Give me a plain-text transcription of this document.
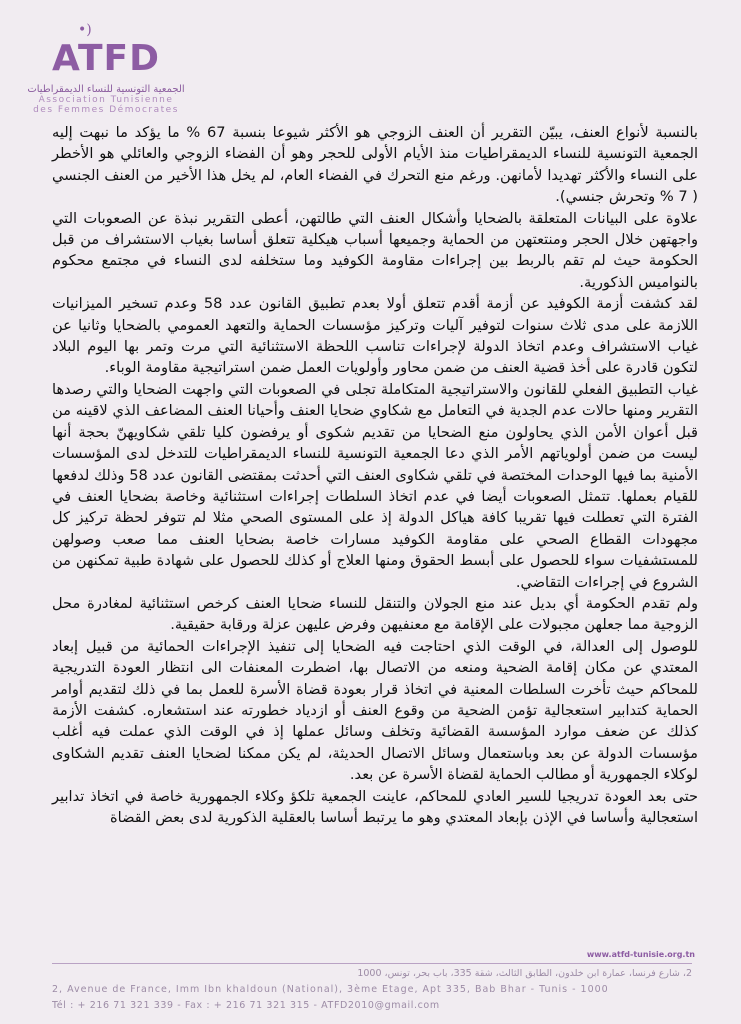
•)
ATFD
الجمعية التونسية للنساء الديمقراطيات
Association Tunisienne
des Femmes Démocrates

بالنسبة لأنواع العنف، يبيّن التقرير أن العنف الزوجي هو الأكثر شيوعا بنسبة 67 % ما يؤكد ما نبهت إليه الجمعية التونسية للنساء الديمقراطيات منذ الأيام الأولى للحجر وهو أن الفضاء الزوجي والعائلي هو الأخطر على النساء والأكثر تهديدا لأمانهن. ورغم منع التحرك في الفضاء العام، لم يخل هذا الأخير من العنف الجنسي ( 7 % وتحرش جنسي).

علاوة على البيانات المتعلقة بالضحايا وأشكال العنف التي طالتهن، أعطى التقرير نبذة عن الصعوبات التي واجهتهن خلال الحجر ومنتعتهن من الحماية وجميعها أسباب هيكلية تتعلق أساسا بغياب الاستشراف من قبل الحكومة حيث لم تقم بالربط بين إجراءات مقاومة الكوفيد وما ستخلفه لدى النساء في مجتمع محكوم بالنواميس الذكورية.

لقد كشفت أزمة الكوفيد عن أزمة أقدم تتعلق أولا بعدم تطبيق القانون عدد 58 وعدم تسخير الميزانيات اللازمة على مدى ثلاث سنوات لتوفير آليات وتركيز مؤسسات الحماية والتعهد العمومي بالضحايا وثانيا عن غياب الاستشراف وعدم اتخاذ الدولة لإجراءات تناسب اللحظة الاستثنائية التي مرت وتمر بها اليوم البلاد لتكون قادرة على أخذ قضية العنف من ضمن محاور وأولويات العمل ضمن استراتيجية مقاومة الوباء.

غياب التطبيق الفعلي للقانون والاستراتيجية المتكاملة تجلى في الصعوبات التي واجهت الضحايا والتي رصدها التقرير ومنها حالات عدم الجدية في التعامل مع شكاوي ضحايا العنف وأحيانا العنف المضاعف الذي لاقينه من قبل أعوان الأمن الذي يحاولون منع الضحايا من تقديم شكوى أو يرفضون كليا تلقي شكاويهنّ بحجة أنها ليست من ضمن أولوياتهم الأمر الذي دعا الجمعية التونسية للنساء الديمقراطيات للتدخل لدى المؤسسات الأمنية بما فيها الوحدات المختصة في تلقي شكاوى العنف التي أحدثت بمقتضى القانون عدد 58 وذلك لدفعها للقيام بعملها. تتمثل الصعوبات أيضا في عدم اتخاذ السلطات إجراءات استثنائية وخاصة بضحايا العنف في الفترة التي تعطلت فيها تقريبا كافة هياكل الدولة إذ على المستوى الصحي مثلا لم تتوفر لحظة تركيز كل مجهودات القطاع الصحي على مقاومة الكوفيد مسارات خاصة بضحايا العنف مما صعب وصولهن للمستشفيات سواء للحصول على أبسط الحقوق ومنها العلاج أو كذلك للحصول على شهادة طبية تمكنهن من الشروع في إجراءات التقاضي.

ولم تقدم الحكومة أي بديل عند منع الجولان والتنقل للنساء ضحايا العنف كرخص استثنائية لمغادرة محل الزوجية مما جعلهن مجبولات على الإقامة مع معنفيهن وفرض عليهن عزلة ورقابة حقيقية.

للوصول إلى العدالة، في الوقت الذي احتاجت فيه الضحايا إلى تنفيذ الإجراءات الحمائية من قبيل إبعاد المعتدي عن مكان إقامة الضحية ومنعه من الاتصال بها، اضطرت المعنفات الى انتظار العودة التدريجية للمحاكم حيث تأخرت السلطات المعنية في اتخاذ قرار بعودة قضاة الأسرة للعمل بما في ذلك لتقديم أوامر الحماية كتدابير استعجالية تؤمن الضحية من وقوع العنف أو ازدياد خطورته عند استشعاره. كشفت الأزمة كذلك عن ضعف موارد المؤسسة القضائية وتخلف وسائل عملها إذ في الوقت الذي عملت فيه أغلب مؤسسات الدولة عن بعد وباستعمال وسائل الاتصال الحديثة، لم يكن ممكنا لضحايا العنف تقديم الشكاوى لوكلاء الجمهورية أو مطالب الحماية لقضاة الأسرة عن بعد.

حتى بعد العودة تدريجيا للسير العادي للمحاكم، عاينت الجمعية تلكؤ وكلاء الجمهورية خاصة في اتخاذ تدابير استعجالية وأساسا في الإذن بإبعاد المعتدي وهو ما يرتبط أساسا بالعقلية الذكورية لدى بعض القضاة

www.atfd-tunisie.org.tn
2، شارع فرنسا، عمارة ابن خلدون، الطابق الثالث، شقة 335، باب بحر، تونس، 1000
2, Avenue de France, Imm Ibn khaldoun (National), 3ème Etage, Apt 335, Bab Bhar - Tunis - 1000
Tél : + 216 71 321 339 - Fax : + 216 71 321 315 - ATFD2010@gmail.com
